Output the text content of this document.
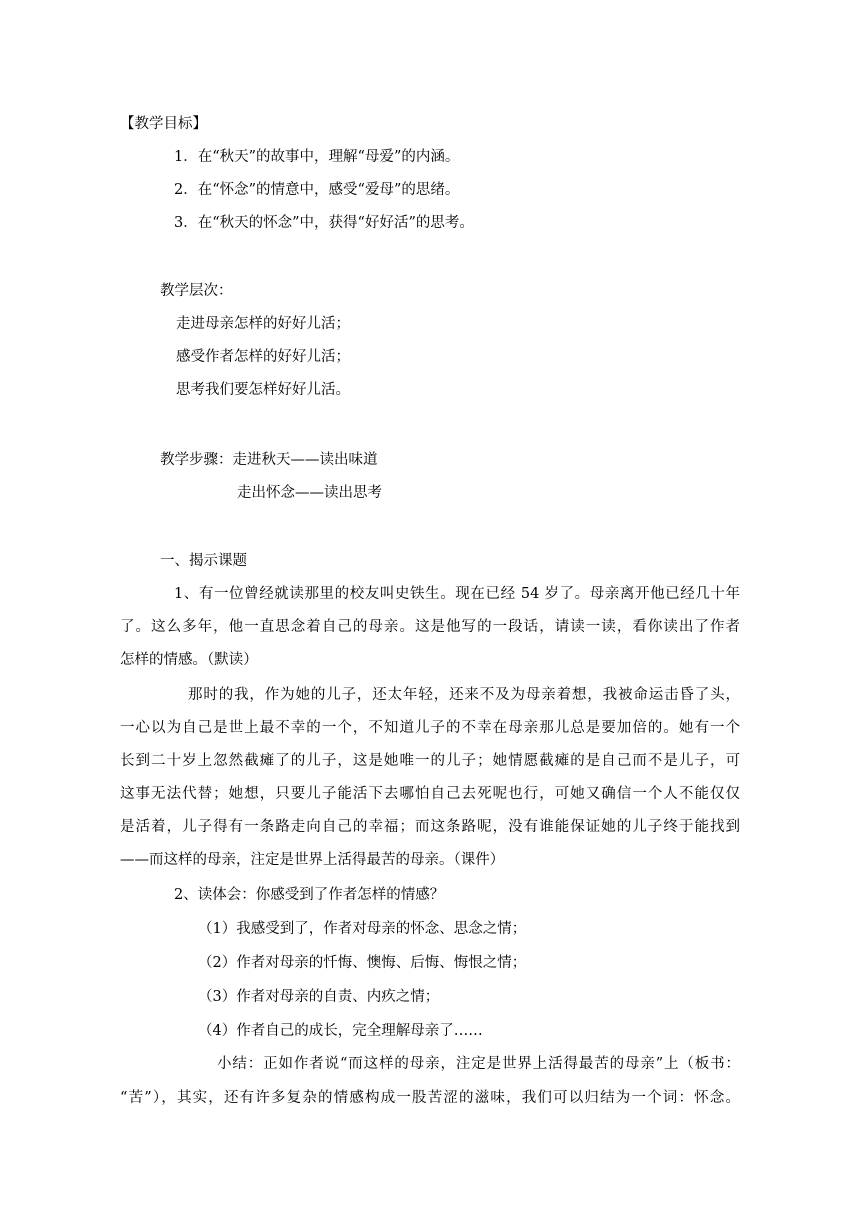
【教学目标】
1．在“秋天”的故事中，理解“母爱”的内涵。
2．在“怀念”的情意中，感受“爱母”的思绪。
3．在“秋天的怀念”中，获得“好好活”的思考。
教学层次：
走进母亲怎样的好好儿活；
感受作者怎样的好好儿活；
思考我们要怎样好好儿活。
教学步骤：走进秋天——读出味道
走出怀念——读出思考
一、揭示课题
1、有一位曾经就读那里的校友叫史铁生。现在已经 54 岁了。母亲离开他已经几十年
了。这么多年，他一直思念着自己的母亲。这是他写的一段话，请读一读，看你读出了作者
怎样的情感。（默读）
那时的我，作为她的儿子，还太年轻，还来不及为母亲着想，我被命运击昏了头，
一心以为自己是世上最不幸的一个，不知道儿子的不幸在母亲那儿总是要加倍的。她有一个
长到二十岁上忽然截瘫了的儿子，这是她唯一的儿子；她情愿截瘫的是自己而不是儿子，可
这事无法代替；她想，只要儿子能活下去哪怕自己去死呢也行，可她又确信一个人不能仅仅
是活着，儿子得有一条路走向自己的幸福；而这条路呢，没有谁能保证她的儿子终于能找到
——而这样的母亲，注定是世界上活得最苦的母亲。（课件）
2、读体会：你感受到了作者怎样的情感？
（1）我感受到了，作者对母亲的怀念、思念之情；
（2）作者对母亲的忏悔、懊悔、后悔、悔恨之情；
（3）作者对母亲的自责、内疚之情；
（4）作者自己的成长，完全理解母亲了……
小结：正如作者说“而这样的母亲，注定是世界上活得最苦的母亲”上（板书：
“苦”），其实，还有许多复杂的情感构成一股苦涩的滋味，我们可以归结为一个词：怀念。
